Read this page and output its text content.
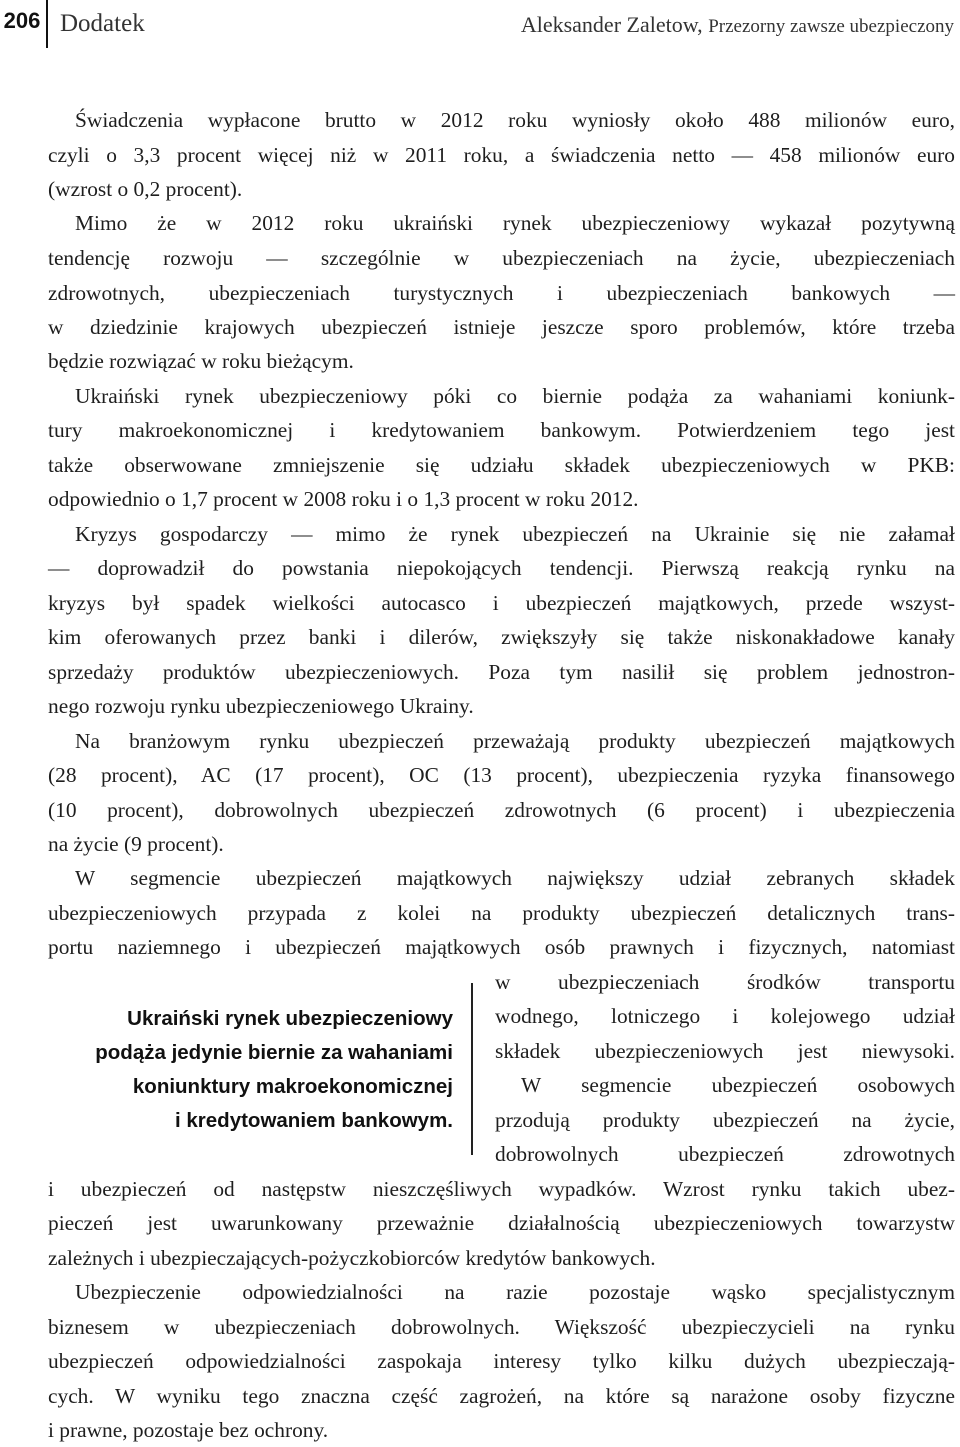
206 Dodatek	Aleksander Zaletow, Przezorny zawsze ubezpieczony
Świadczenia wypłacone brutto w 2012 roku wyniosły około 488 milionów euro,
czyli o 3,3 procent więcej niż w 2011 roku, a świadczenia netto — 458 milionów euro
(wzrost o 0,2 procent).
Mimo że w 2012 roku ukraiński rynek ubezpieczeniowy wykazał pozytywną
tendencję rozwoju — szczególnie w ubezpieczeniach na życie, ubezpieczeniach
zdrowotnych, ubezpieczeniach turystycznych i ubezpieczeniach bankowych —
w dziedzinie krajowych ubezpieczeń istnieje jeszcze sporo problemów, które trzeba
będzie rozwiązać w roku bieżącym.
Ukraiński rynek ubezpieczeniowy póki co biernie podąża za wahaniami koniunk-
tury makroekonomicznej i kredytowaniem bankowym. Potwierdzeniem tego jest
także obserwowane zmniejszenie się udziału składek ubezpieczeniowych w PKB:
odpowiednio o 1,7 procent w 2008 roku i o 1,3 procent w roku 2012.
Kryzys gospodarczy — mimo że rynek ubezpieczeń na Ukrainie się nie załamał
— doprowadził do powstania niepokojących tendencji. Pierwszą reakcją rynku na
kryzys był spadek wielkości autocasco i ubezpieczeń majątkowych, przede wszyst-
kim oferowanych przez banki i dilerów, zwiększyły się także niskonakładowe kanały
sprzedaży produktów ubezpieczeniowych. Poza tym nasilił się problem jednostron-
nego rozwoju rynku ubezpieczeniowego Ukrainy.
Na branżowym rynku ubezpieczeń przeważają produkty ubezpieczeń majątkowych
(28 procent), AC (17 procent), OC (13 procent), ubezpieczenia ryzyka finansowego
(10 procent), dobrowolnych ubezpieczeń zdrowotnych (6 procent) i ubezpieczenia
na życie (9 procent).
W segmencie ubezpieczeń majątkowych największy udział zebranych składek
ubezpieczeniowych przypada z kolei na produkty ubezpieczeń detalicznych trans-
portu naziemnego i ubezpieczeń majątkowych osób prawnych i fizycznych, natomiast
w ubezpieczeniach środków transportu
wodnego, lotniczego i kolejowego udział
składek ubezpieczeniowych jest niewysoki.
W segmencie ubezpieczeń osobowych
przodują produkty ubezpieczeń na życie,
dobrowolnych ubezpieczeń zdrowotnych
Ukraiński rynek ubezpieczeniowy
podąża jedynie biernie za wahaniami
koniunktury makroekonomicznej
i kredytowaniem bankowym.
i ubezpieczeń od następstw nieszczęśliwych wypadków. Wzrost rynku takich ubez-
pieczeń jest uwarunkowany przeważnie działalnością ubezpieczeniowych towarzystw
zależnych i ubezpieczających-pożyczkobiorców kredytów bankowych.
Ubezpieczenie odpowiedzialności na razie pozostaje wąsko specjalistycznym
biznesem w ubezpieczeniach dobrowolnych. Większość ubezpieczycieli na rynku
ubezpieczeń odpowiedzialności zaspokaja interesy tylko kilku dużych ubezpieczają-
cych. W wyniku tego znaczna część zagrożeń, na które są narażone osoby fizyczne
i prawne, pozostaje bez ochrony.
